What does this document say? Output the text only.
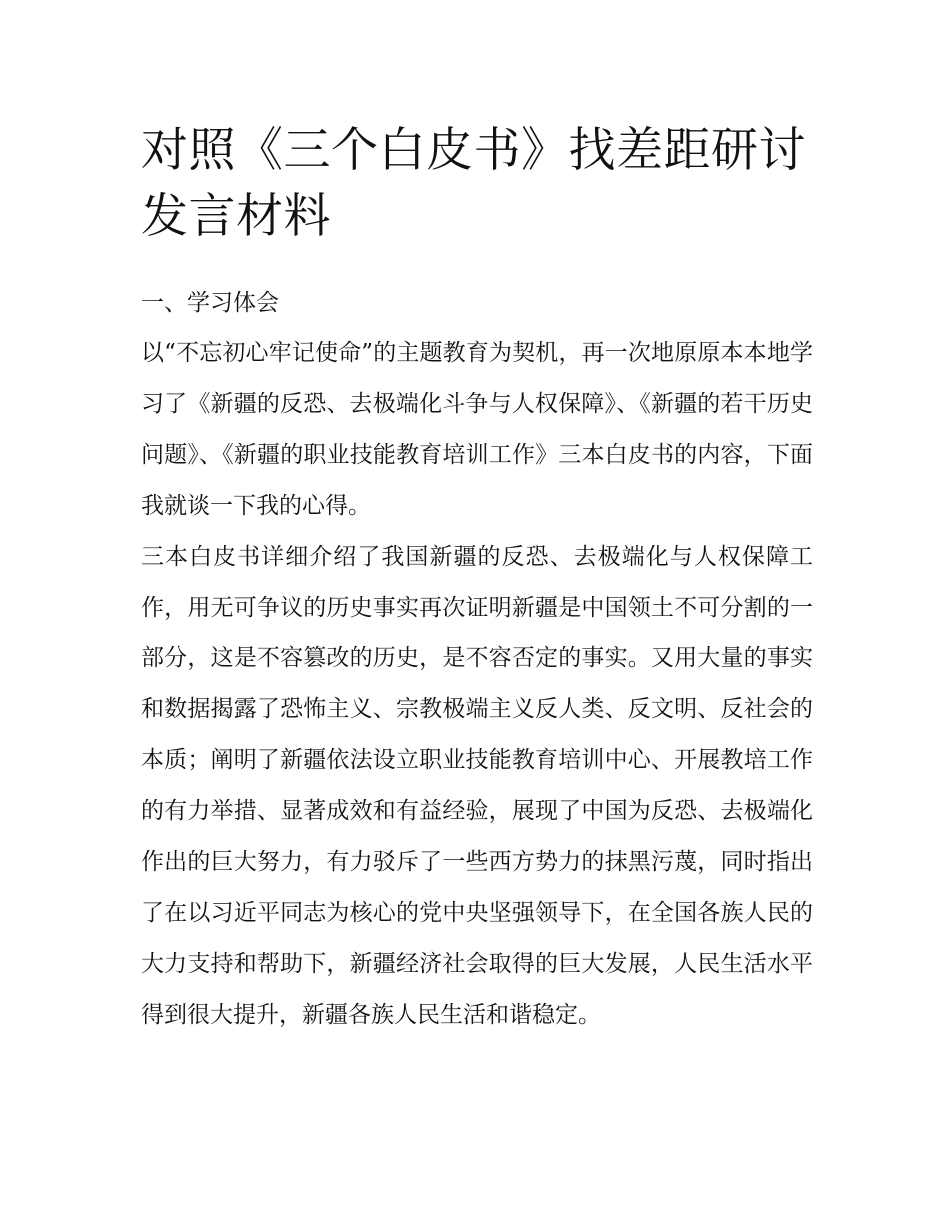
对照《三个白皮书》找差距研讨发言材料

一、学习体会

以“不忘初心牢记使命”的主题教育为契机，再一次地原原本本地学习了《新疆的反恐、去极端化斗争与人权保障》、《新疆的若干历史问题》、《新疆的职业技能教育培训工作》三本白皮书的内容，下面我就谈一下我的心得。

三本白皮书详细介绍了我国新疆的反恐、去极端化与人权保障工作，用无可争议的历史事实再次证明新疆是中国领土不可分割的一部分，这是不容篡改的历史，是不容否定的事实。又用大量的事实和数据揭露了恐怖主义、宗教极端主义反人类、反文明、反社会的本质；阐明了新疆依法设立职业技能教育培训中心、开展教培工作的有力举措、显著成效和有益经验，展现了中国为反恐、去极端化作出的巨大努力，有力驳斥了一些西方势力的抹黑污蔑，同时指出了在以习近平同志为核心的党中央坚强领导下，在全国各族人民的大力支持和帮助下，新疆经济社会取得的巨大发展，人民生活水平得到很大提升，新疆各族人民生活和谐稳定。
